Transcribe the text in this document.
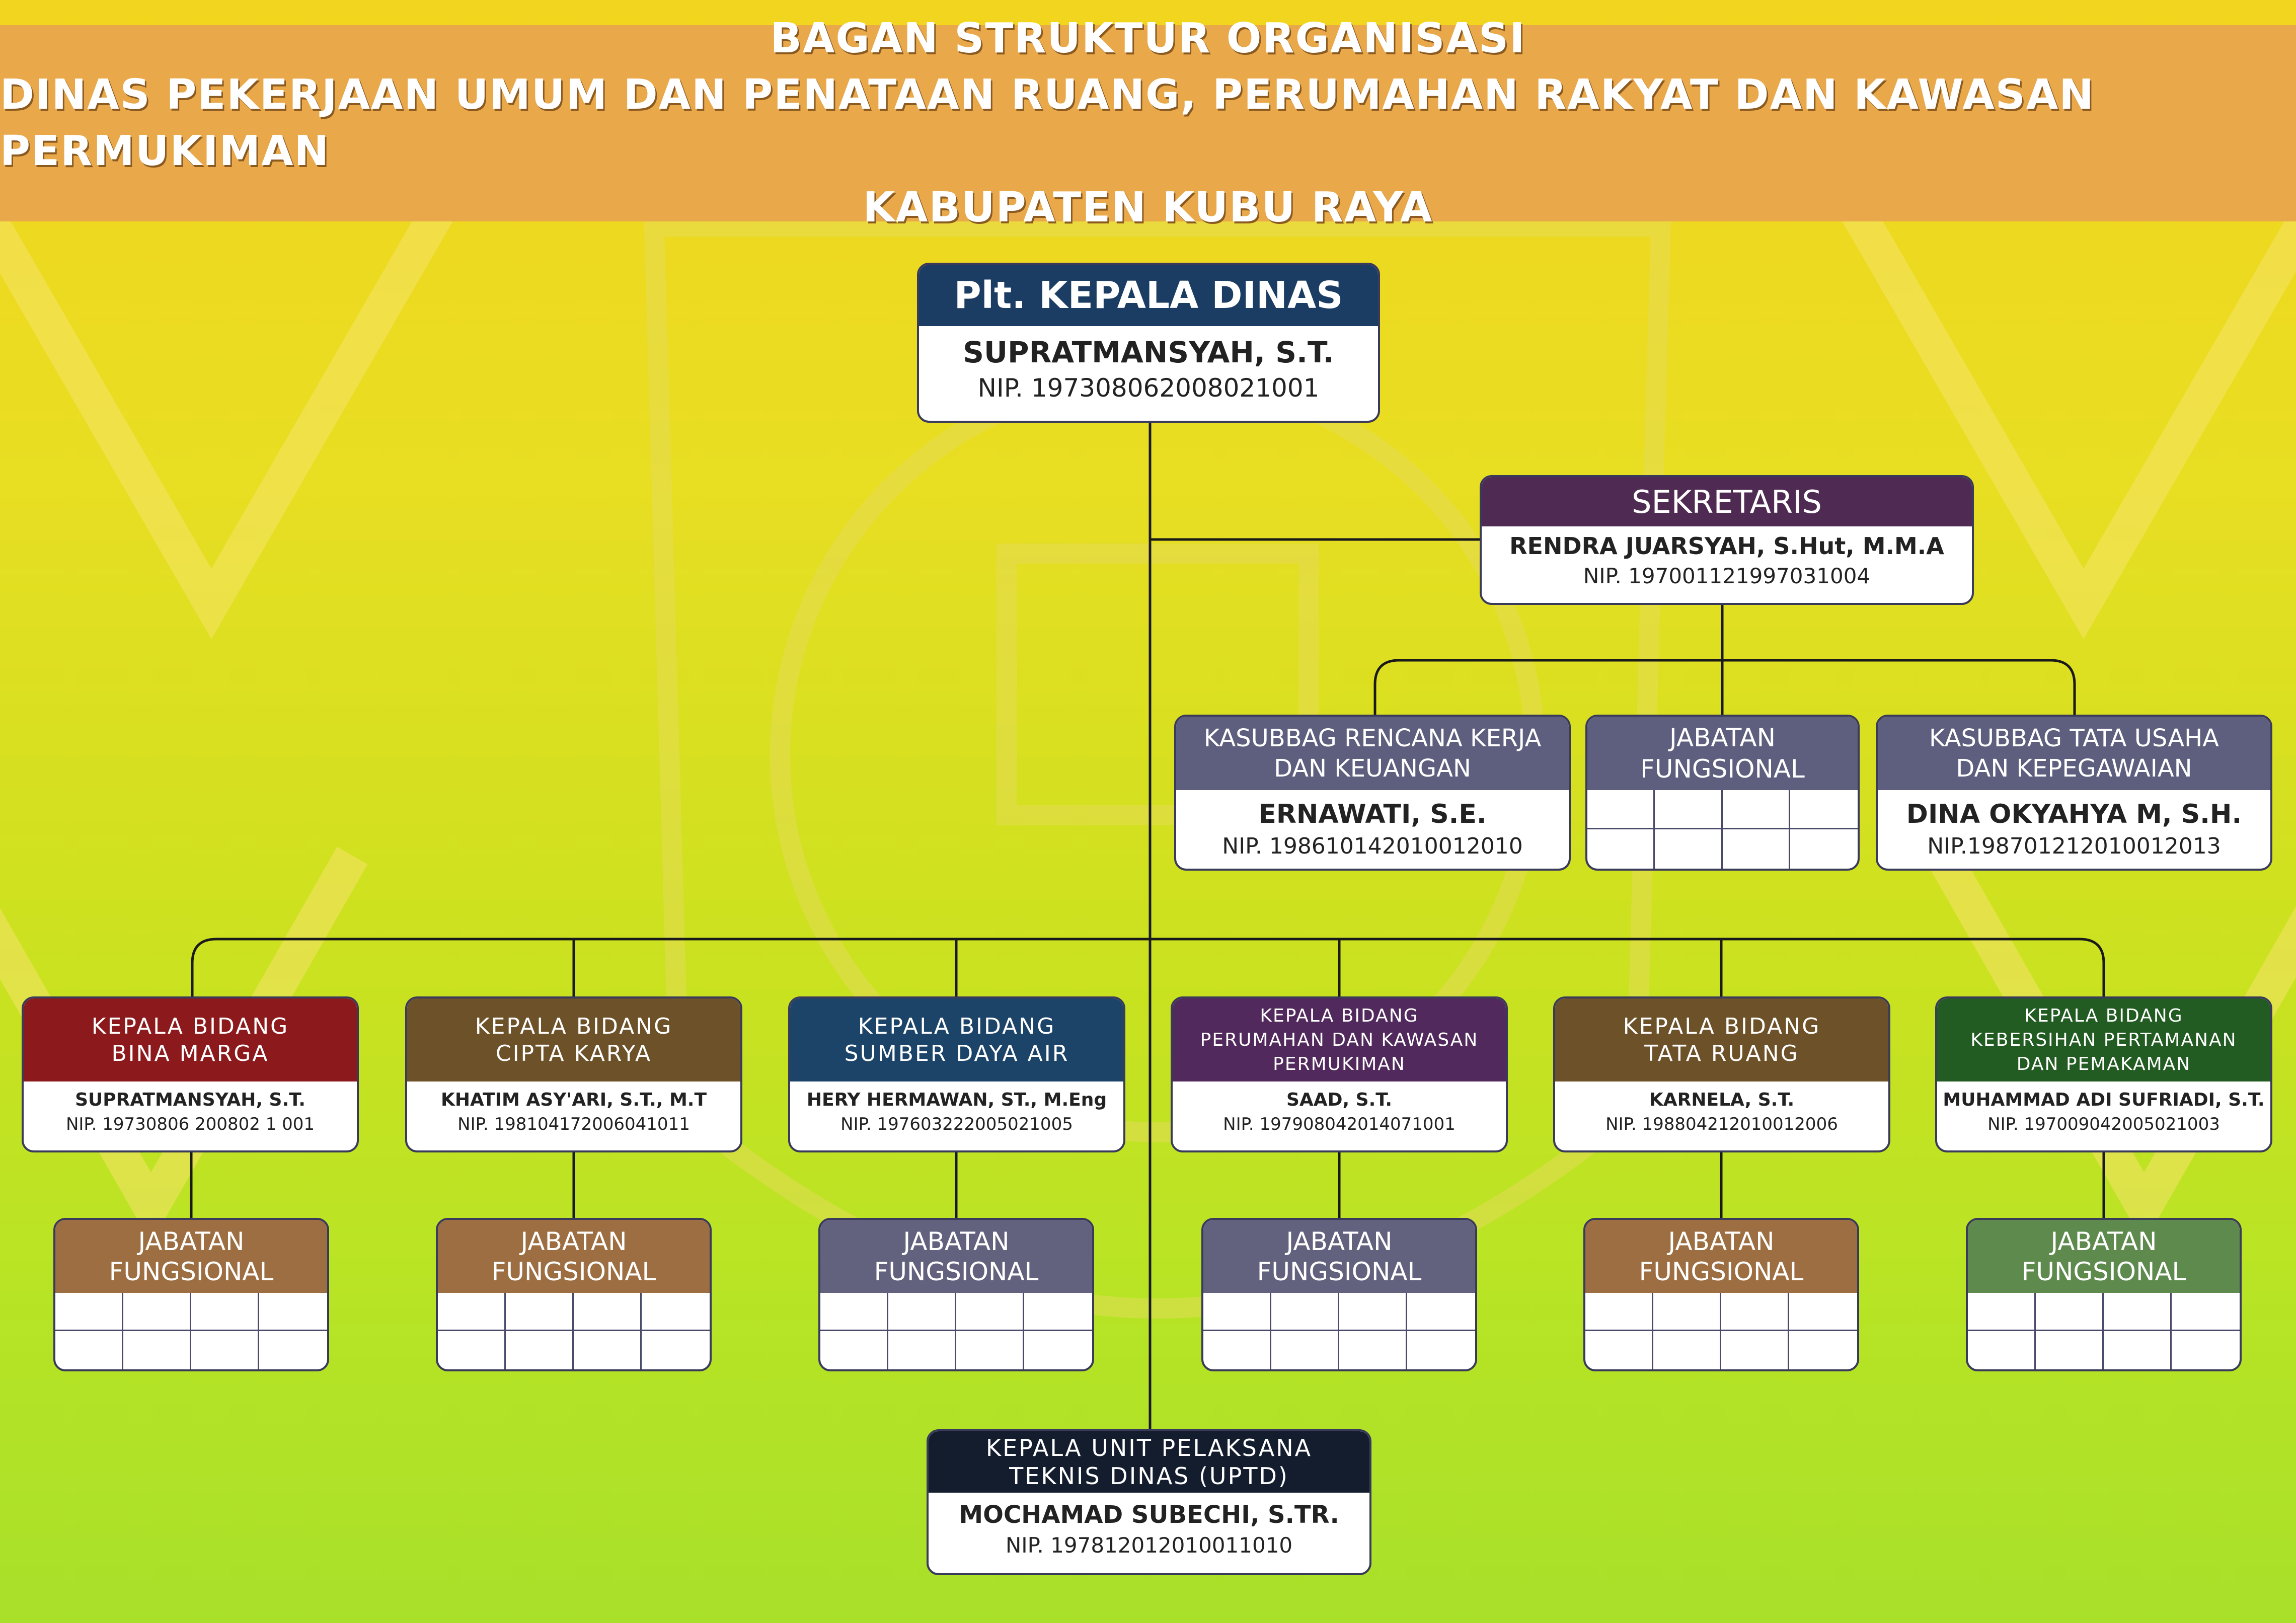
BAGAN STRUKTUR ORGANISASI
DINAS PEKERJAAN UMUM DAN PENATAAN RUANG, PERUMAHAN RAKYAT DAN KAWASAN PERMUKIMAN
KABUPATEN KUBU RAYA
Plt. KEPALA DINAS
SUPRATMANSYAH, S.T.
NIP. 197308062008021001
SEKRETARIS
RENDRA JUARSYAH, S.Hut, M.M.A
NIP. 197001121997031004
KASUBBAG RENCANA KERJA
DAN KEUANGAN
ERNAWATI, S.E.
NIP. 198610142010012010
JABATAN
FUNGSIONAL
KASUBBAG TATA USAHA
DAN KEPEGAWAIAN
DINA OKYAHYA M, S.H.
NIP.198701212010012013
KEPALA BIDANG
BINA MARGA
SUPRATMANSYAH, S.T.
NIP. 19730806 200802 1 001
KEPALA BIDANG
CIPTA KARYA
KHATIM ASY'ARI, S.T., M.T
NIP. 198104172006041011
KEPALA BIDANG
SUMBER DAYA AIR
HERY HERMAWAN, ST., M.Eng
NIP. 197603222005021005
KEPALA BIDANG
PERUMAHAN DAN KAWASAN
PERMUKIMAN
SAAD, S.T.
NIP. 197908042014071001
KEPALA BIDANG
TATA RUANG
KARNELA, S.T.
NIP. 198804212010012006
KEPALA BIDANG
KEBERSIHAN PERTAMANAN
DAN PEMAKAMAN
MUHAMMAD ADI SUFRIADI, S.T.
NIP. 197009042005021003
JABATAN
FUNGSIONAL
JABATAN
FUNGSIONAL
JABATAN
FUNGSIONAL
JABATAN
FUNGSIONAL
JABATAN
FUNGSIONAL
JABATAN
FUNGSIONAL
KEPALA UNIT PELAKSANA
TEKNIS DINAS (UPTD)
MOCHAMAD SUBECHI, S.TR.
NIP. 197812012010011010
